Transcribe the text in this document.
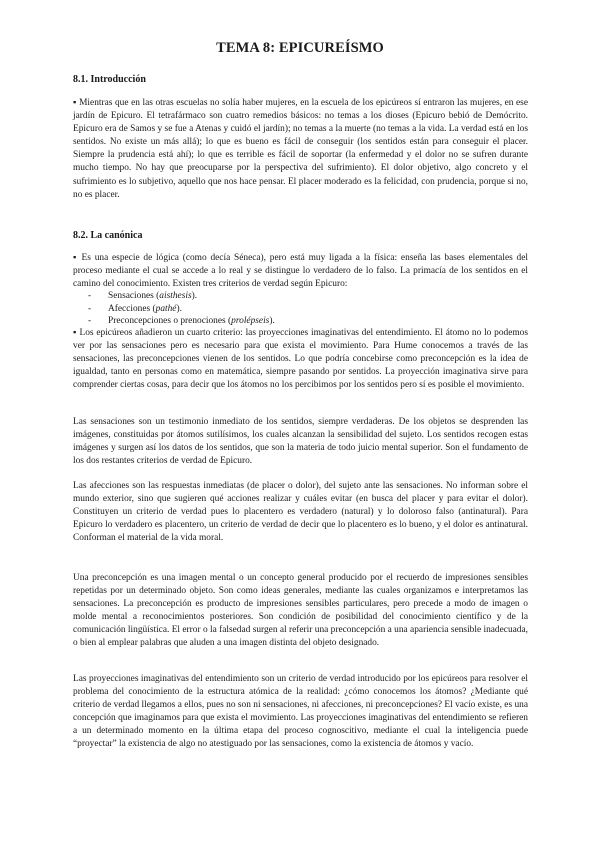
TEMA 8: EPICUREÍSMO

8.1. Introducción

▪ Mientras que en las otras escuelas no solía haber mujeres, en la escuela de los epicúreos sí entraron las mujeres, en ese jardín de Epicuro. El tetrafármaco son cuatro remedios básicos: no temas a los dioses (Epicuro bebió de Demócrito. Epicuro era de Samos y se fue a Atenas y cuidó el jardín); no temas a la muerte (no temas a la vida. La verdad está en los sentidos. No existe un más allá); lo que es bueno es fácil de conseguir (los sentidos están para conseguir el placer. Siempre la prudencia está ahí); lo que es terrible es fácil de soportar (la enfermedad y el dolor no se sufren durante mucho tiempo. No hay que preocuparse por la perspectiva del sufrimiento). El dolor objetivo, algo concreto y el sufrimiento es lo subjetivo, aquello que nos hace pensar. El placer moderado es la felicidad, con prudencia, porque si no, no es placer.

8.2. La canónica

▪ Es una especie de lógica (como decía Séneca), pero está muy ligada a la física: enseña las bases elementales del proceso mediante el cual se accede a lo real y se distingue lo verdadero de lo falso. La primacía de los sentidos en el camino del conocimiento. Existen tres criterios de verdad según Epicuro:

- Sensaciones (aisthesis).
- Afecciones (pathé).
- Preconcepciones o prenociones (prolépseis).

▪ Los epicúreos añadieron un cuarto criterio: las proyecciones imaginativas del entendimiento. El átomo no lo podemos ver por las sensaciones pero es necesario para que exista el movimiento. Para Hume conocemos a través de las sensaciones, las preconcepciones vienen de los sentidos. Lo que podría concebirse como preconcepción es la idea de igualdad, tanto en personas como en matemática, siempre pasando por sentidos. La proyección imaginativa sirve para comprender ciertas cosas, para decir que los átomos no los percibimos por los sentidos pero sí es posible el movimiento.

Las sensaciones son un testimonio inmediato de los sentidos, siempre verdaderas. De los objetos se desprenden las imágenes, constituidas por átomos sutilísimos, los cuales alcanzan la sensibilidad del sujeto. Los sentidos recogen estas imágenes y surgen así los datos de los sentidos, que son la materia de todo juicio mental superior. Son el fundamento de los dos restantes criterios de verdad de Epicuro.

Las afecciones son las respuestas inmediatas (de placer o dolor), del sujeto ante las sensaciones. No informan sobre el mundo exterior, sino que sugieren qué acciones realizar y cuáles evitar (en busca del placer y para evitar el dolor). Constituyen un criterio de verdad pues lo placentero es verdadero (natural) y lo doloroso falso (antinatural). Para Epicuro lo verdadero es placentero, un criterio de verdad de decir que lo placentero es lo bueno, y el dolor es antinatural. Conforman el material de la vida moral.

Una preconcepción es una imagen mental o un concepto general producido por el recuerdo de impresiones sensibles repetidas por un determinado objeto. Son como ideas generales, mediante las cuales organizamos e interpretamos las sensaciones. La preconcepción es producto de impresiones sensibles particulares, pero precede a modo de imagen o molde mental a reconocimientos posteriores. Son condición de posibilidad del conocimiento científico y de la comunicación lingüística. El error o la falsedad surgen al referir una preconcepción a una apariencia sensible inadecuada, o bien al emplear palabras que aluden a una imagen distinta del objeto designado.

Las proyecciones imaginativas del entendimiento son un criterio de verdad introducido por los epicúreos para resolver el problema del conocimiento de la estructura atómica de la realidad: ¿cómo conocemos los átomos? ¿Mediante qué criterio de verdad llegamos a ellos, pues no son ni sensaciones, ni afecciones, ni preconcepciones? El vacío existe, es una concepción que imaginamos para que exista el movimiento. Las proyecciones imaginativas del entendimiento se refieren a un determinado momento en la última etapa del proceso cognoscitivo, mediante el cual la inteligencia puede “proyectar” la existencia de algo no atestiguado por las sensaciones, como la existencia de átomos y vacío.
